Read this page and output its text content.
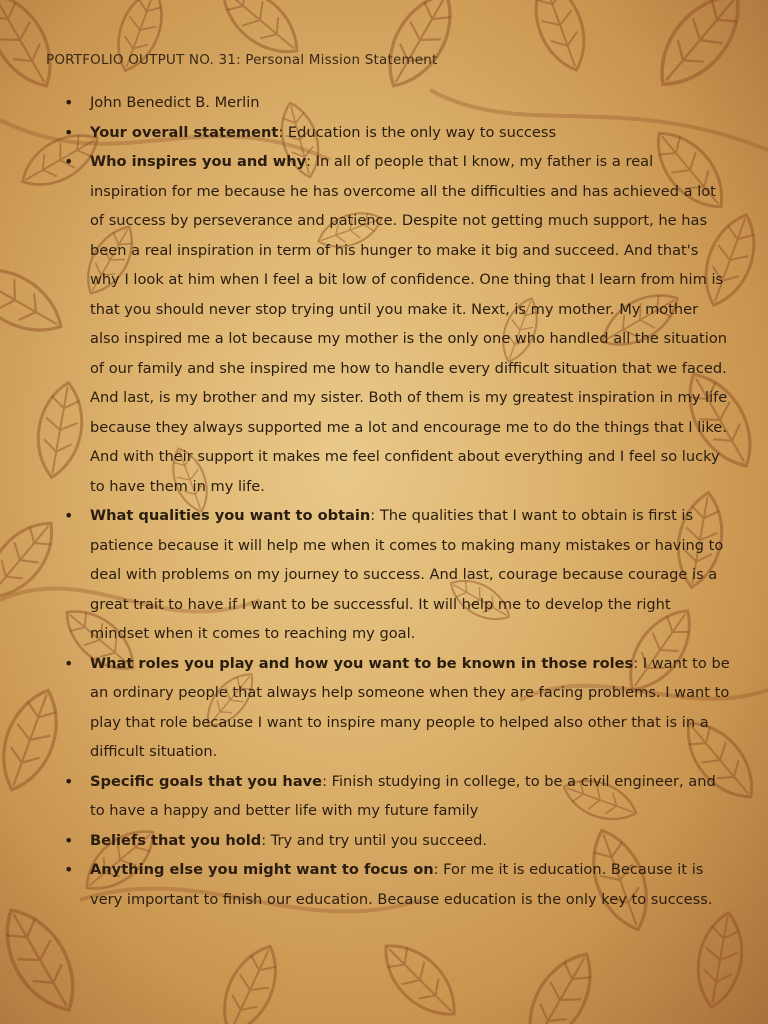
PORTFOLIO OUTPUT NO. 31: Personal Mission Statement

• John Benedict B. Merlin
• Your overall statement: Education is the only way to success
• Who inspires you and why: In all of people that I know, my father is a real inspiration for me because he has overcome all the difficulties and has achieved a lot of success by perseverance and patience. Despite not getting much support, he has been a real inspiration in term of his hunger to make it big and succeed. And that's why I look at him when I feel a bit low of confidence. One thing that I learn from him is that you should never stop trying until you make it. Next, is my mother. My mother also inspired me a lot because my mother is the only one who handled all the situation of our family and she inspired me how to handle every difficult situation that we faced. And last, is my brother and my sister. Both of them is my greatest inspiration in my life because they always supported me a lot and encourage me to do the things that I like. And with their support it makes me feel confident about everything and I feel so lucky to have them in my life.
• What qualities you want to obtain: The qualities that I want to obtain is first is patience because it will help me when it comes to making many mistakes or having to deal with problems on my journey to success. And last, courage because courage is a great trait to have if I want to be successful. It will help me to develop the right mindset when it comes to reaching my goal.
• What roles you play and how you want to be known in those roles: I want to be an ordinary people that always help someone when they are facing problems. I want to play that role because I want to inspire many people to helped also other that is in a difficult situation.
• Specific goals that you have: Finish studying in college, to be a civil engineer, and to have a happy and better life with my future family
• Beliefs that you hold: Try and try until you succeed.
• Anything else you might want to focus on: For me it is education. Because it is very important to finish our education. Because education is the only key to success.
